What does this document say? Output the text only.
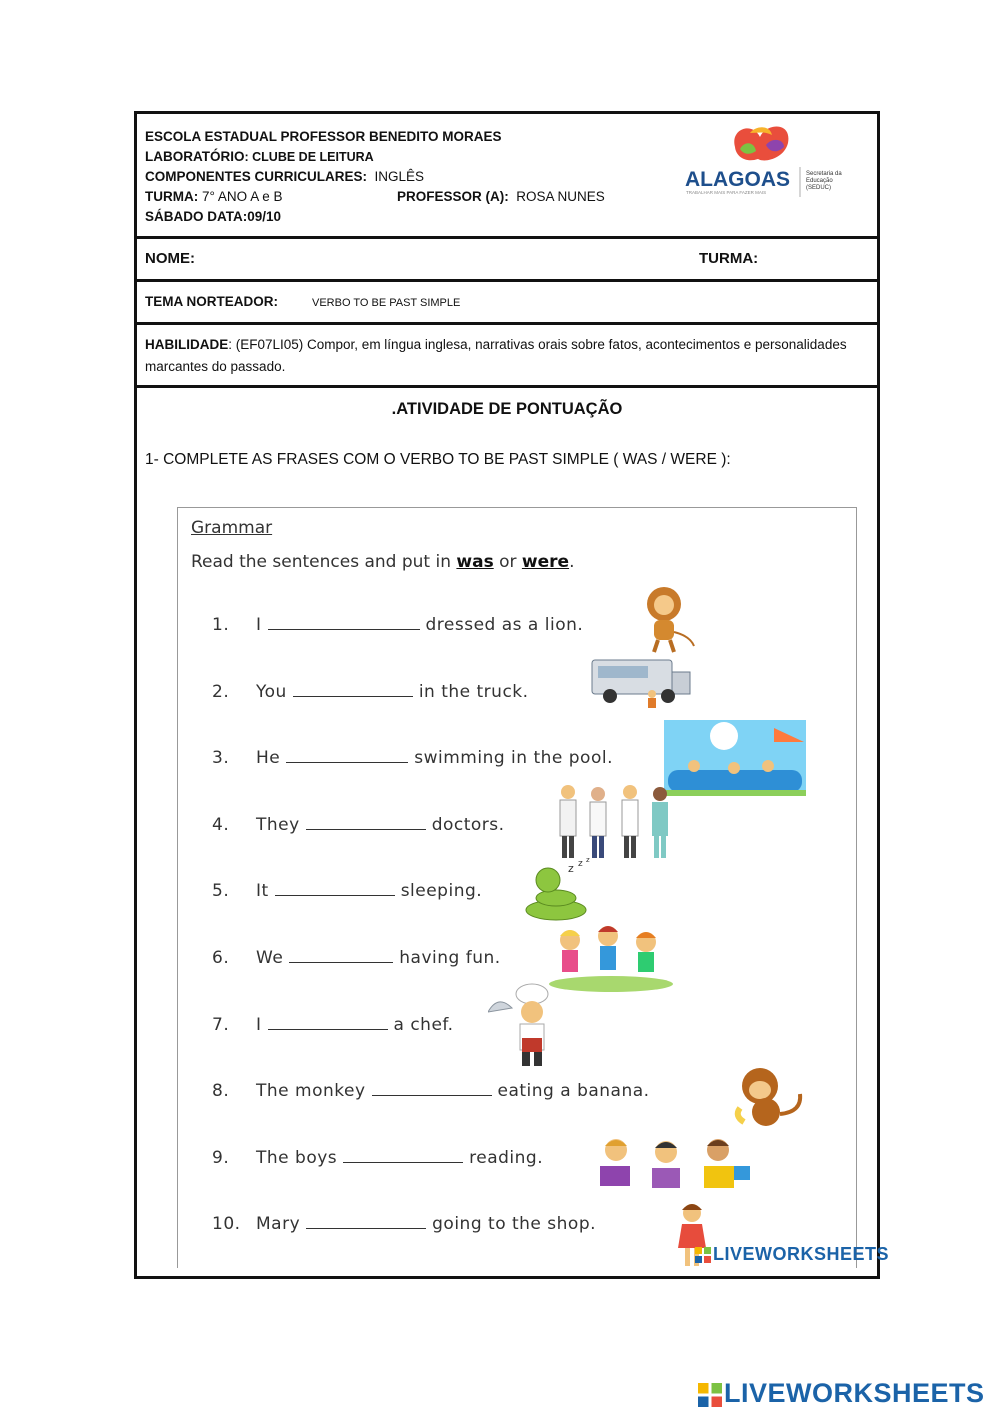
ESCOLA ESTADUAL PROFESSOR BENEDITO MORAES
LABORATÓRIO: CLUBE DE LEITURA
COMPONENTES CURRICULARES: INGLÊS
TURMA: 7° ANO A e B	PROFESSOR (A): ROSA NUNES
SÁBADO DATA:09/10
ALAGOAS
TRABALHAR MAIS PARA FAZER MAIS
Secretaria da
Educação
(SEDUC)
NOME:	TURMA:
TEMA NORTEADOR:	VERBO TO BE PAST SIMPLE
HABILIDADE: (EF07LI05) Compor, em língua inglesa, narrativas orais sobre fatos, acontecimentos e personalidades marcantes do passado.
.ATIVIDADE DE PONTUAÇÃO
1- COMPLETE AS FRASES COM O VERBO TO BE PAST SIMPLE ( WAS / WERE ):
Grammar
Read the sentences and put in was or were.
1. I	dressed as a lion.
2. You	in the truck.
3. He	swimming in the pool.
4. They	doctors.
5. It	sleeping.
6. We	having fun.
7. I	a chef.
8. The monkey	eating a banana.
9. The boys	reading.
10. Mary	going to the shop.
z z z
LIVEWORKSHEETS
LIVEWORKSHEETS
